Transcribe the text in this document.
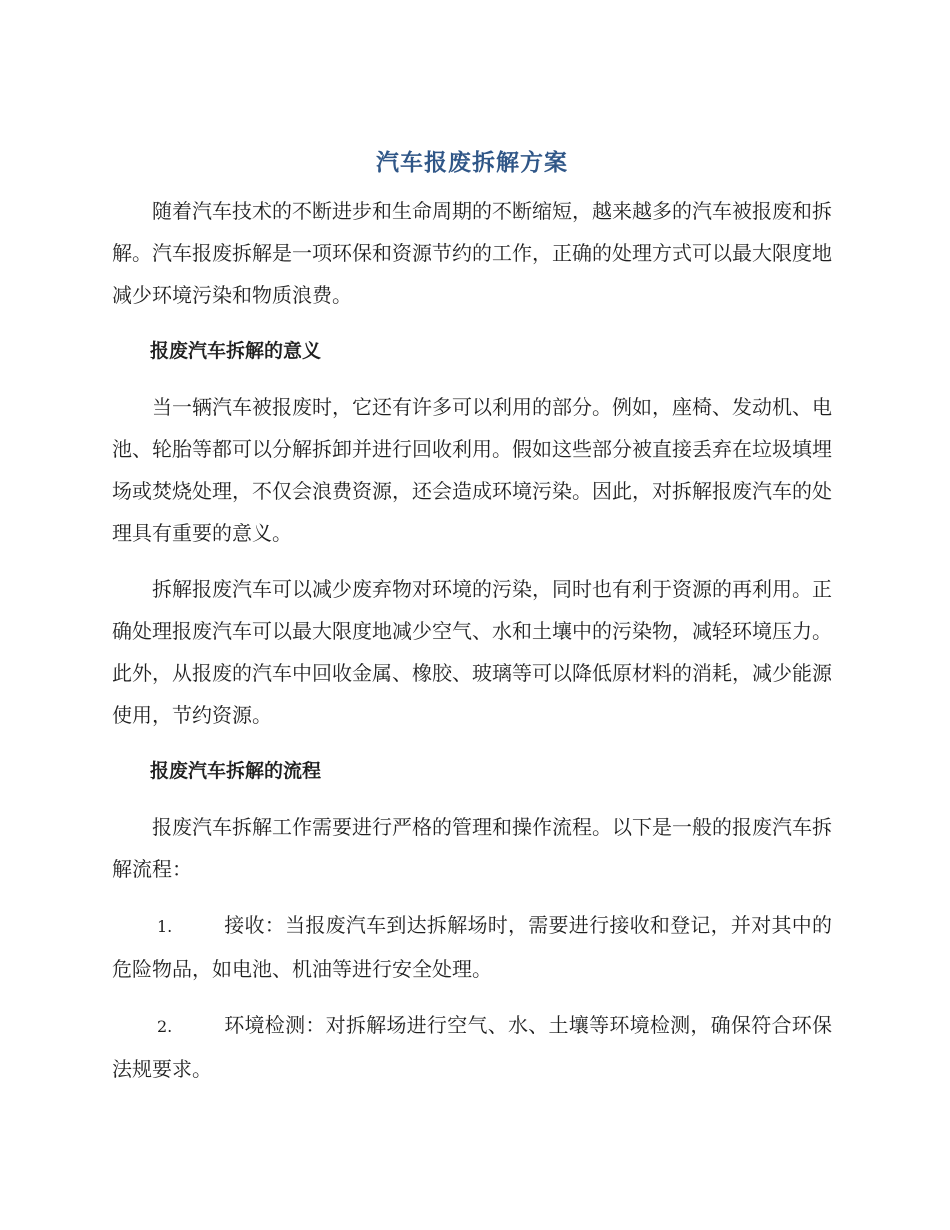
汽车报废拆解方案

随着汽车技术的不断进步和生命周期的不断缩短，越来越多的汽车被报废和拆解。汽车报废拆解是一项环保和资源节约的工作，正确的处理方式可以最大限度地减少环境污染和物质浪费。

报废汽车拆解的意义

当一辆汽车被报废时，它还有许多可以利用的部分。例如，座椅、发动机、电池、轮胎等都可以分解拆卸并进行回收利用。假如这些部分被直接丢弃在垃圾填埋场或焚烧处理，不仅会浪费资源，还会造成环境污染。因此，对拆解报废汽车的处理具有重要的意义。

拆解报废汽车可以减少废弃物对环境的污染，同时也有利于资源的再利用。正确处理报废汽车可以最大限度地减少空气、水和土壤中的污染物，减轻环境压力。此外，从报废的汽车中回收金属、橡胶、玻璃等可以降低原材料的消耗，减少能源使用，节约资源。

报废汽车拆解的流程

报废汽车拆解工作需要进行严格的管理和操作流程。以下是一般的报废汽车拆解流程：

1.	接收：当报废汽车到达拆解场时，需要进行接收和登记，并对其中的危险物品，如电池、机油等进行安全处理。

2.	环境检测：对拆解场进行空气、水、土壤等环境检测，确保符合环保法规要求。
